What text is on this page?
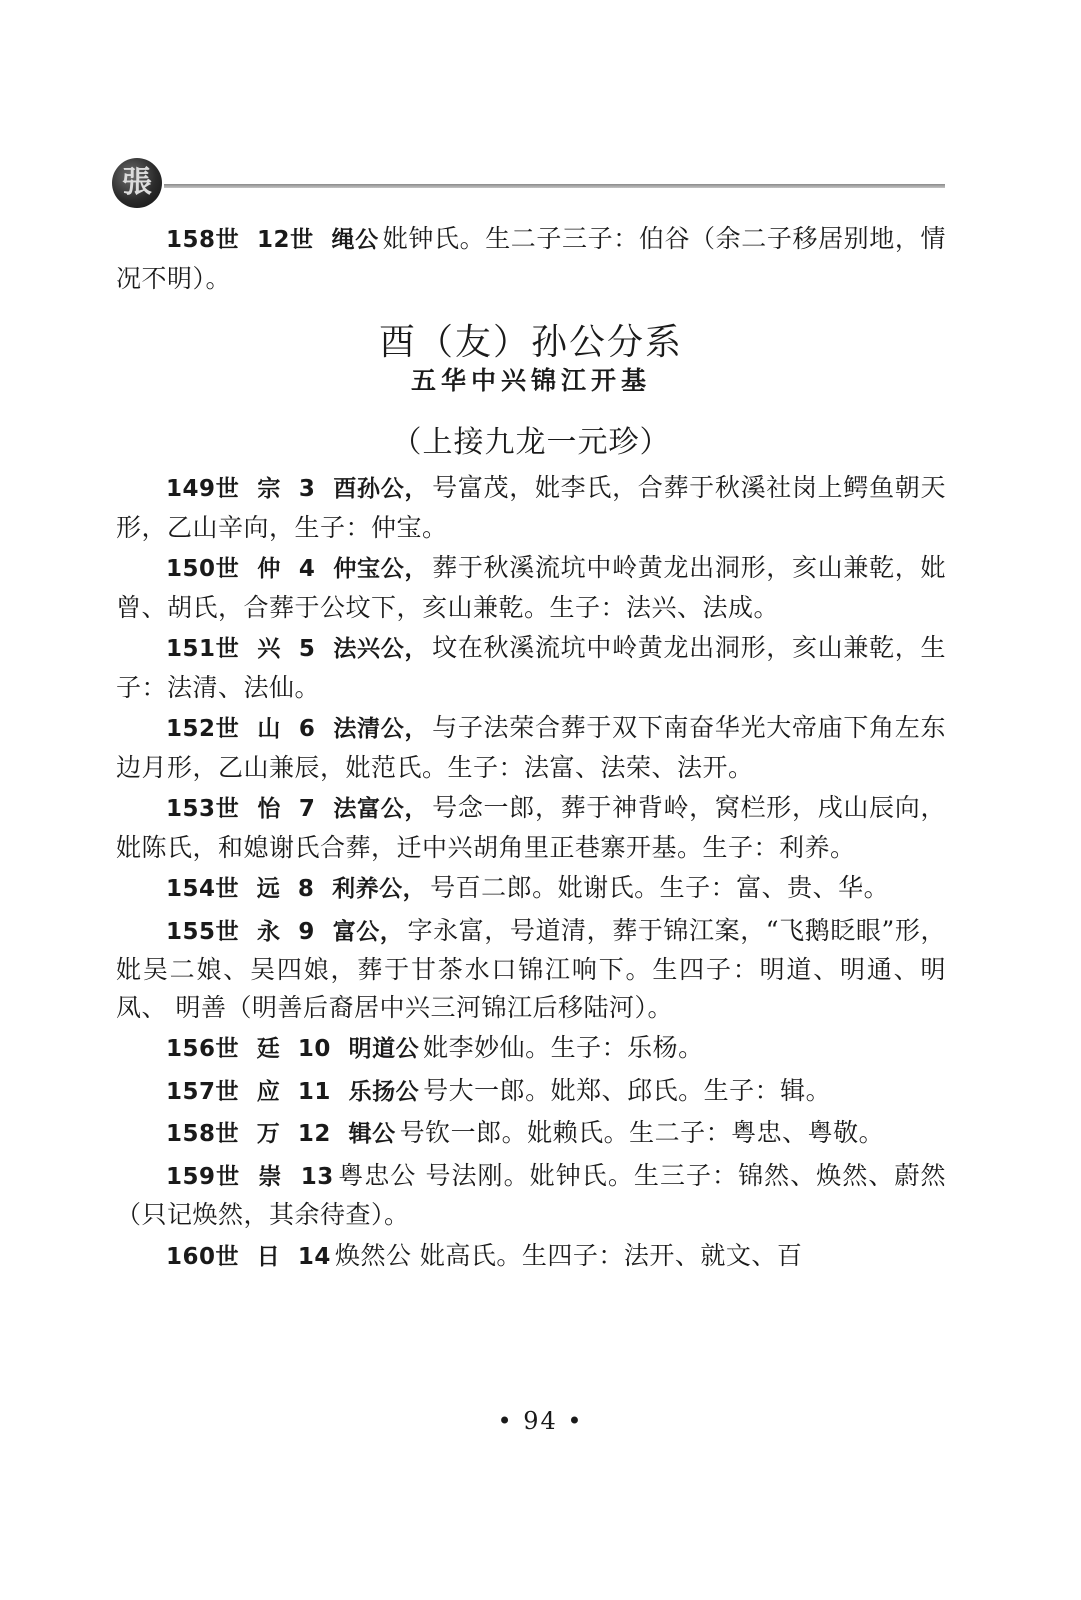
張

158世 12世 绳公 妣钟氏。生二子三子：伯谷（余二子移居别地，情况不明）。

酉（友）孙公分系
五华中兴锦江开基
（上接九龙一元珍）

149世 宗 3 酉孙公， 号富茂，妣李氏，合葬于秋溪社岗上鳄鱼朝天形，乙山辛向，生子：仲宝。

150世 仲 4 仲宝公， 葬于秋溪流坑中岭黄龙出洞形，亥山兼乾，妣曾、胡氏，合葬于公坟下，亥山兼乾。生子：法兴、法成。

151世 兴 5 法兴公， 坟在秋溪流坑中岭黄龙出洞形，亥山兼乾，生子：法清、法仙。

152世 山 6 法清公， 与子法荣合葬于双下南奋华光大帝庙下角左东边月形，乙山兼辰，妣范氏。生子：法富、法荣、法开。

153世 怡 7 法富公， 号念一郎，葬于神背岭，窝栏形，戌山辰向，妣陈氏，和媳谢氏合葬，迁中兴胡角里正巷寨开基。生子：利养。

154世 远 8 利养公， 号百二郎。妣谢氏。生子：富、贵、华。

155世 永 9 富公， 字永富，号道清，葬于锦江案，“飞鹅眨眼”形，妣吴二娘、吴四娘，葬于甘茶水口锦江响下。生四子：明道、明通、明凤、 明善（明善后裔居中兴三河锦江后移陆河）。

156世 廷 10 明道公 妣李妙仙。生子：乐杨。

157世 应 11 乐扬公 号大一郎。妣郑、邱氏。生子：辑。

158世 万 12 辑公 号钦一郎。妣赖氏。生二子：粤忠、粤敬。

159世 崇 13 粤忠公 号法刚。妣钟氏。生三子：锦然、焕然、蔚然（只记焕然，其余待查）。

160世 日 14 焕然公 妣高氏。生四子：法开、就文、百

• 94 •
